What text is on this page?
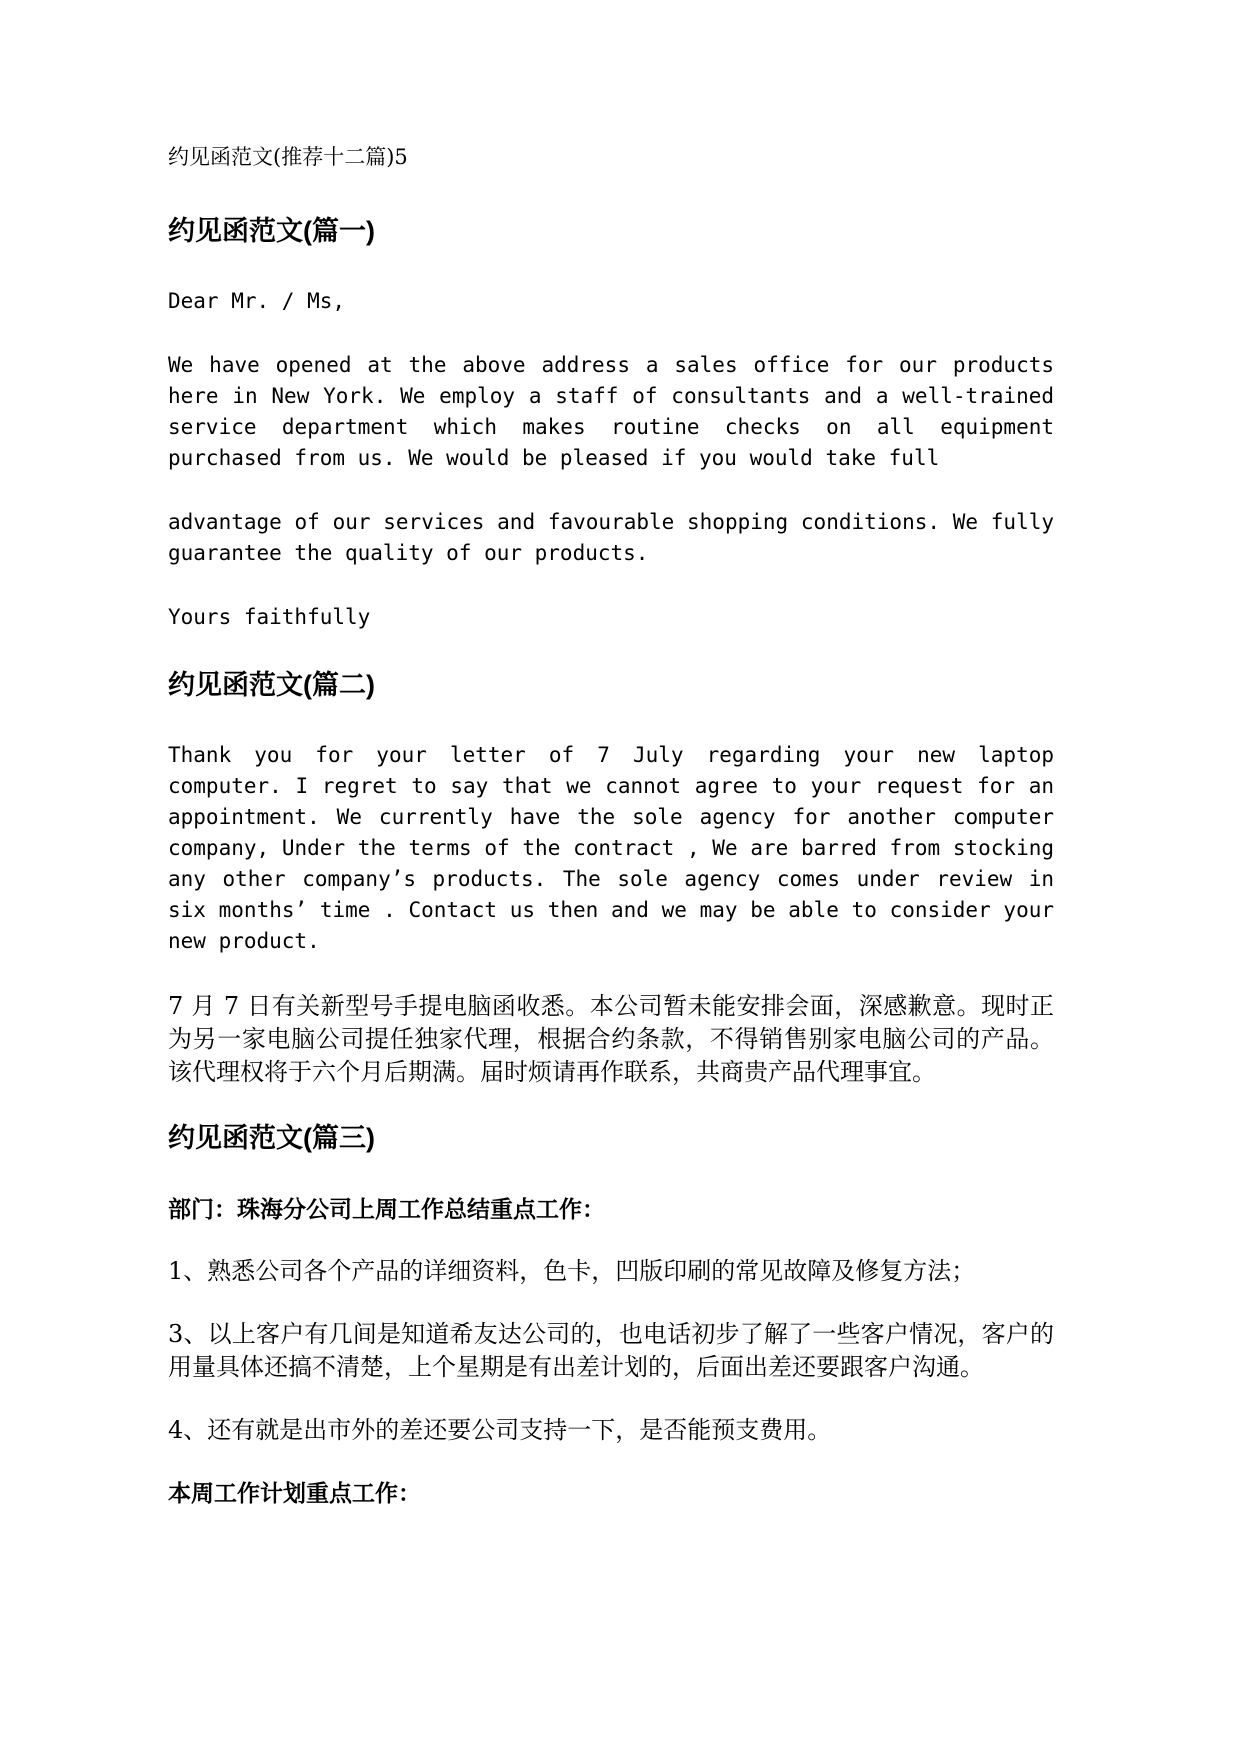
约见函范文(推荐十二篇)5
约见函范文(篇一)
Dear Mr. / Ms,
We have opened at the above address a sales office for our products here in New York. We employ a staff of consultants and a well-trained service department which makes routine checks on all equipment purchased from us. We would be pleased if you would take full
advantage of our services and favourable shopping conditions. We fully guarantee the quality of our products.
Yours faithfully
约见函范文(篇二)
Thank you for your letter of 7 July regarding your new laptop computer. I regret to say that we cannot agree to your request for an appointment. We currently have the sole agency for another computer company, Under the terms of the contract , We are barred from stocking any other company’s products. The sole agency comes under review in six months’ time . Contact us then and we may be able to consider your new product.
7 月 7 日有关新型号手提电脑函收悉。本公司暂未能安排会面，深感歉意。现时正为另一家电脑公司提任独家代理，根据合约条款，不得销售别家电脑公司的产品。该代理权将于六个月后期满。届时烦请再作联系，共商贵产品代理事宜。
约见函范文(篇三)
部门：珠海分公司上周工作总结重点工作：
1、熟悉公司各个产品的详细资料，色卡，凹版印刷的常见故障及修复方法；
3、以上客户有几间是知道希友达公司的，也电话初步了解了一些客户情况，客户的用量具体还搞不清楚，上个星期是有出差计划的，后面出差还要跟客户沟通。
4、还有就是出市外的差还要公司支持一下，是否能预支费用。
本周工作计划重点工作：
